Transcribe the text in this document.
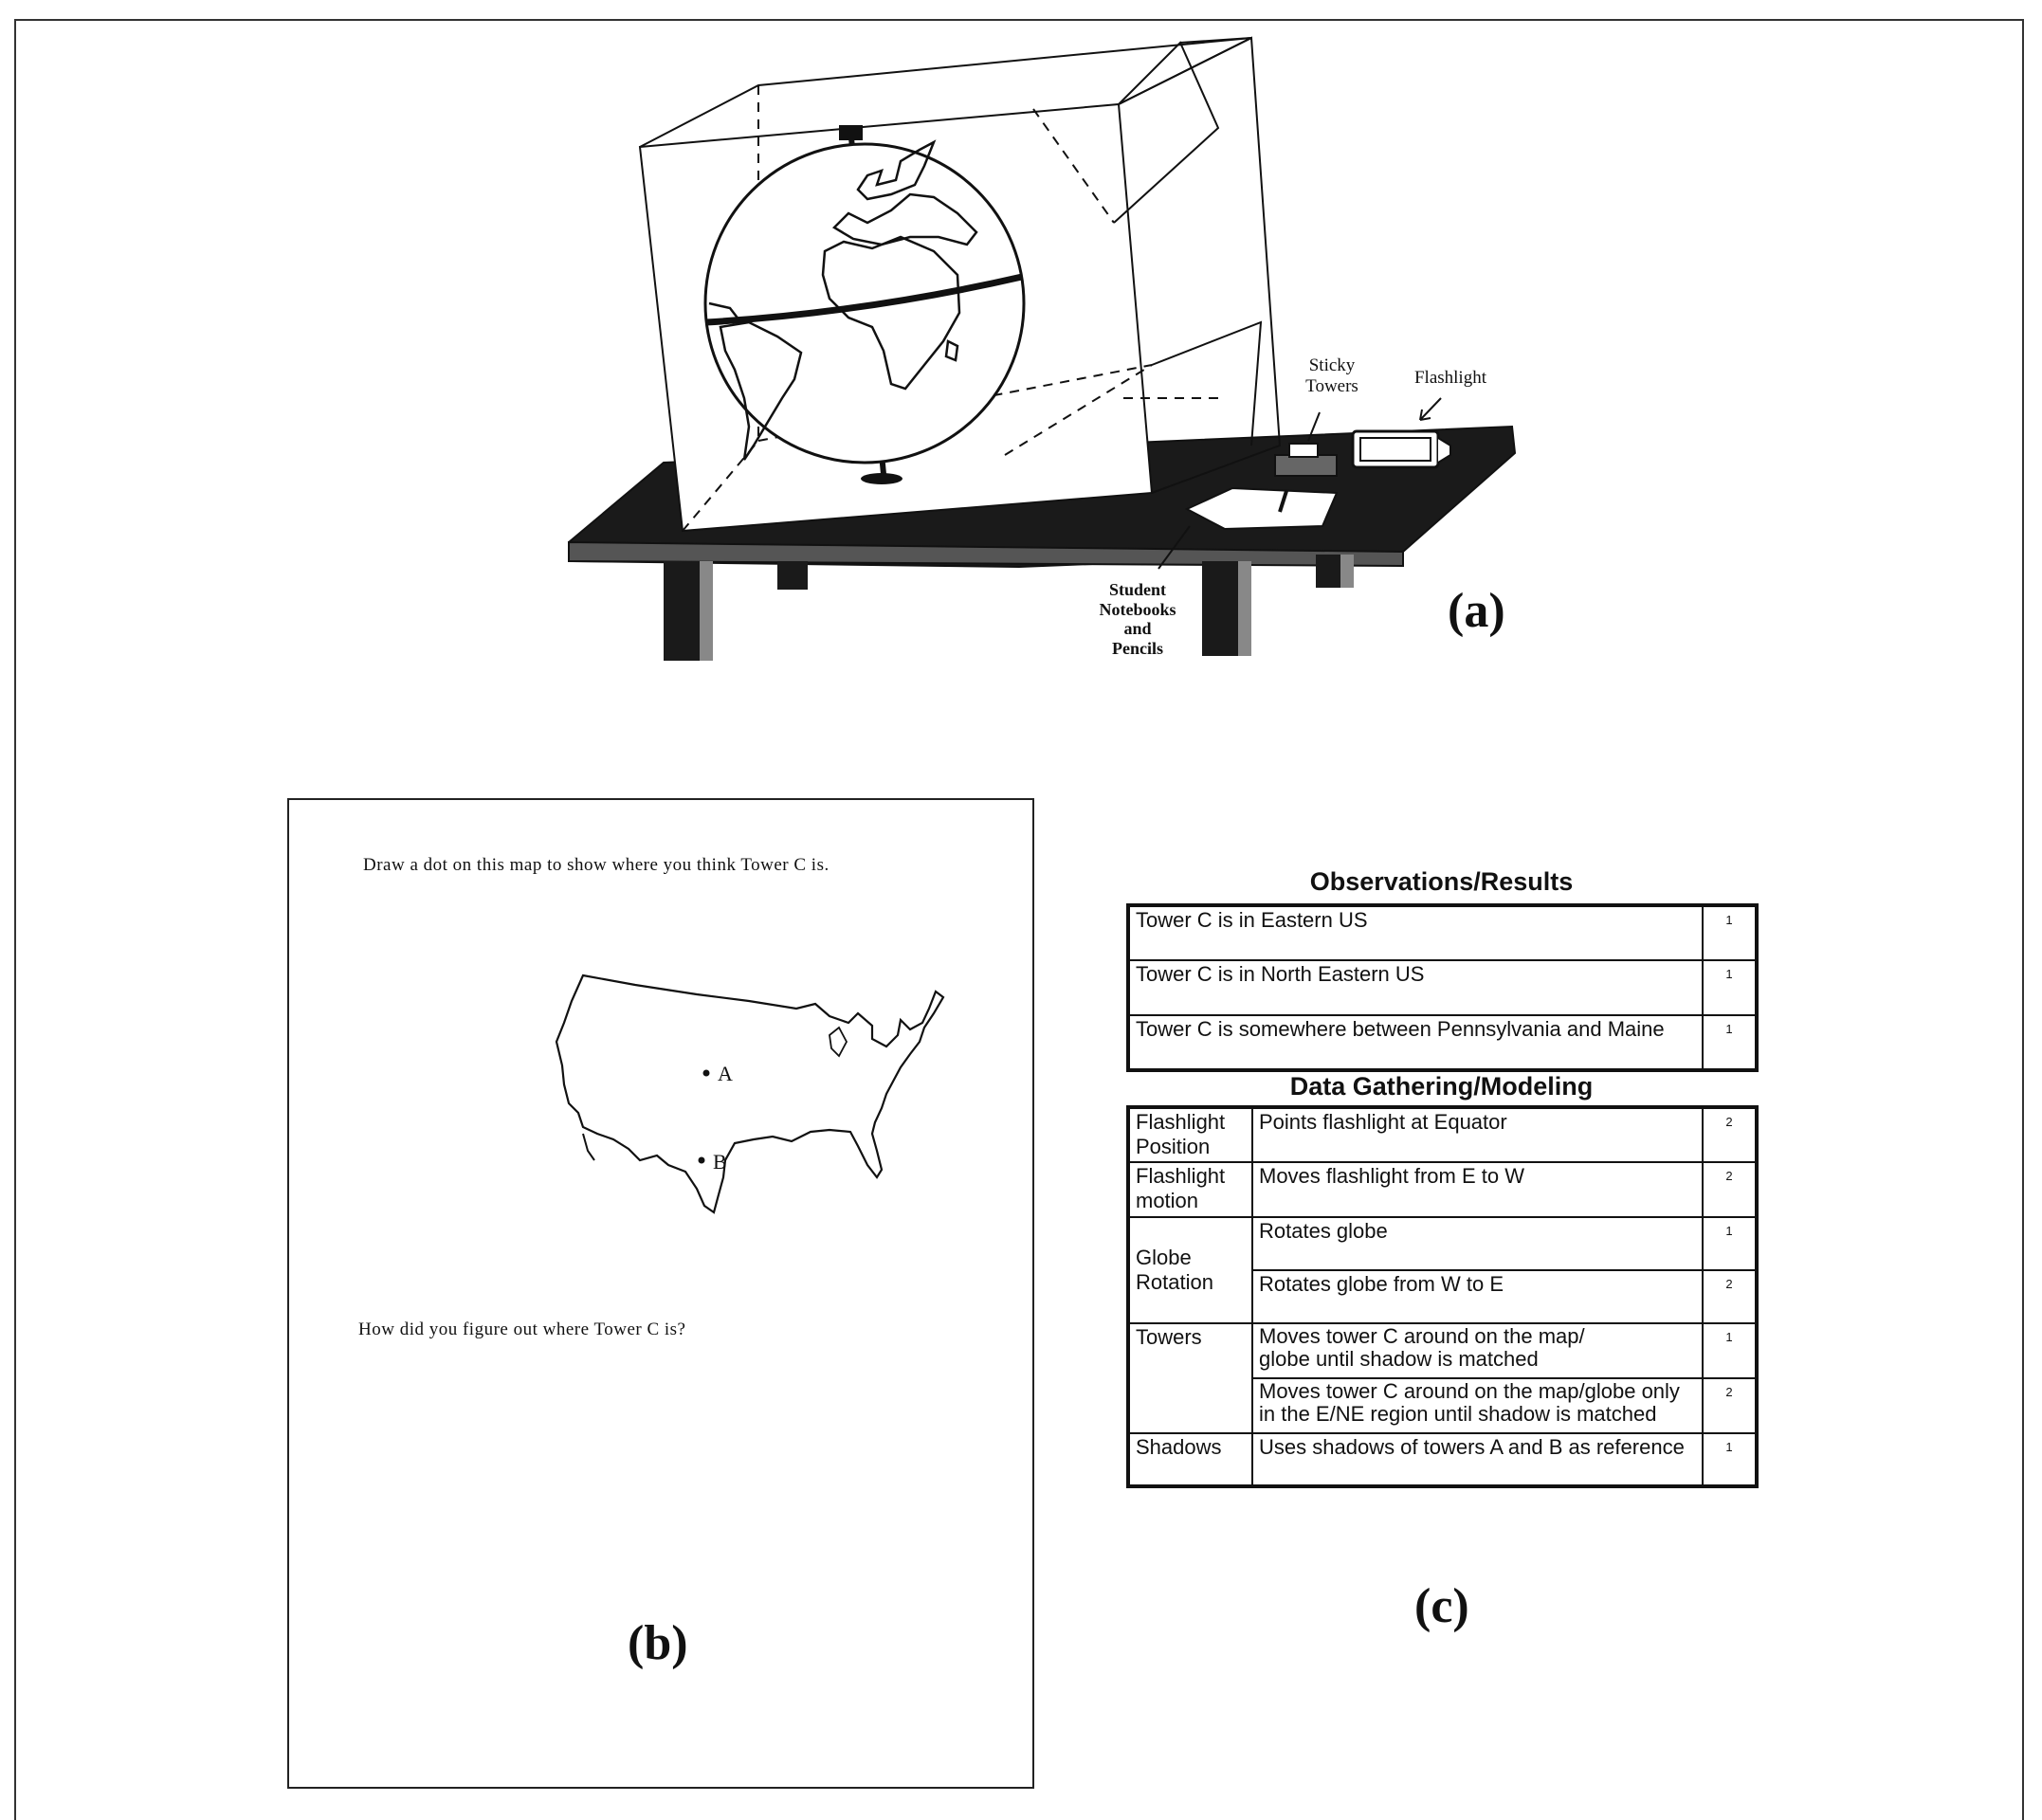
Sticky
Towers	Flashlight
Student
Notebooks
and
Pencils
(a)
Draw a dot on this map to show where you think Tower C is.
A
B
How did you figure out where Tower C is?
(b)
Observations/Results
Tower C is in Eastern US	1
Tower C is in North Eastern US	1
Tower C is somewhere between Pennsylvania and Maine	1
Data Gathering/Modeling
Flashlight
Position	Points flashlight at Equator	2
Flashlight
motion	Moves flashlight from E to W	2
Globe
Rotation	Rotates globe	1
	Rotates globe from W to E	2
Towers	Moves tower C around on the map/
globe until shadow is matched	1
	Moves tower C around on the map/globe only
in the E/NE region until shadow is matched	2
Shadows	Uses shadows of towers A and B as reference	1
(c)
